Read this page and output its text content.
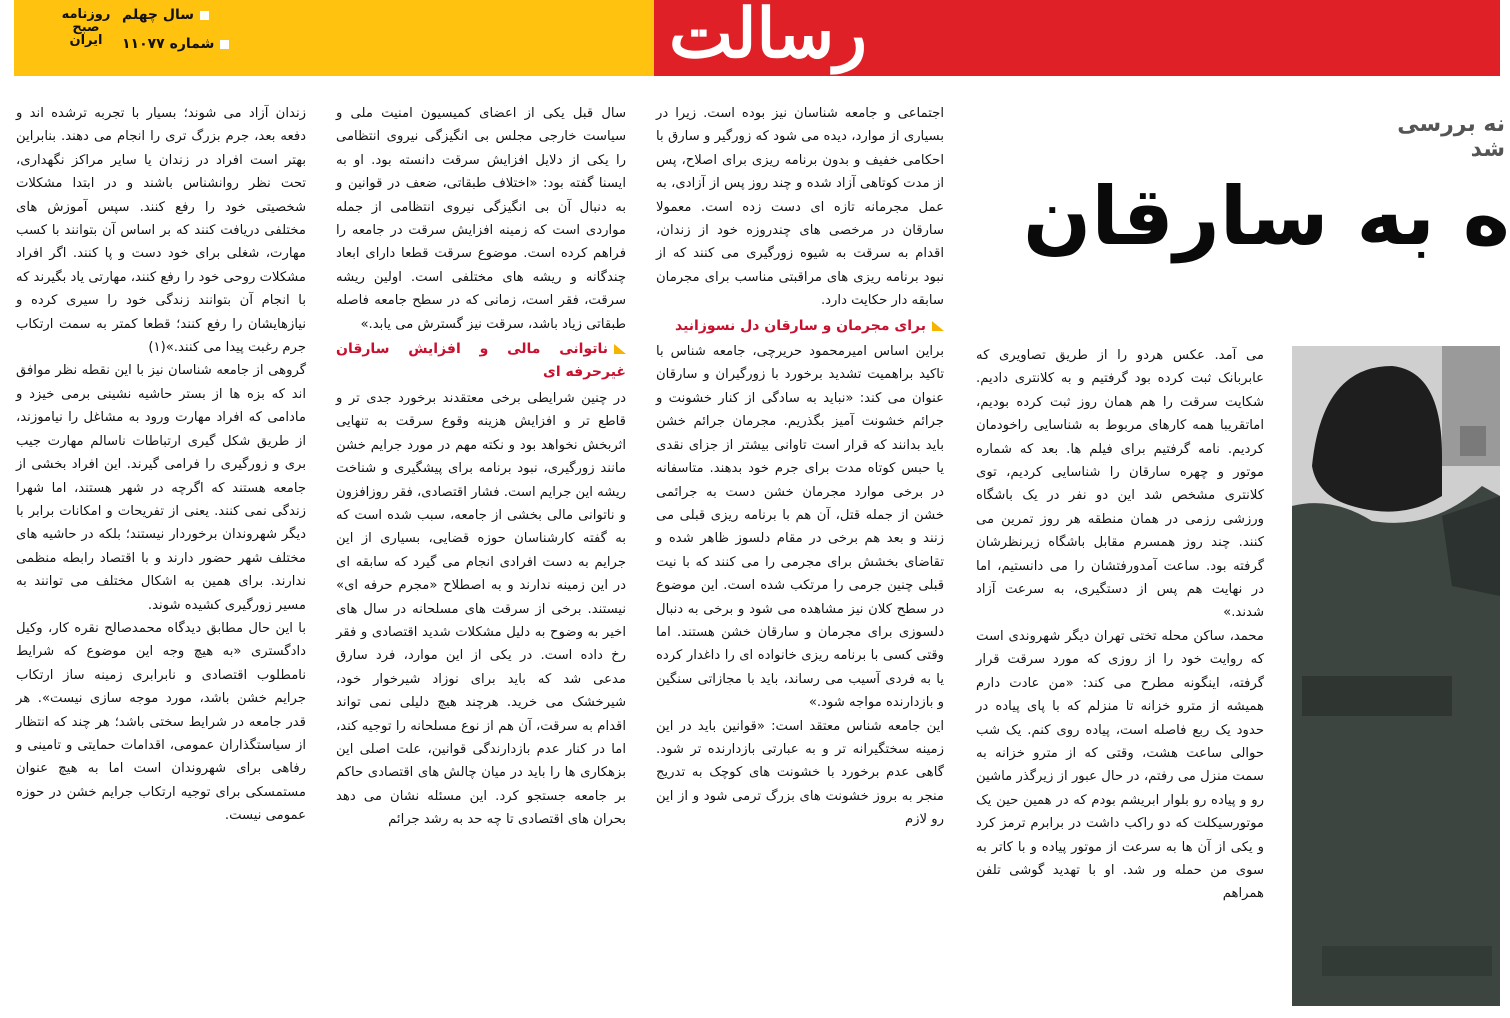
رسالت
روزنامه
صبح
ایران
سال چهلم
شماره ۱۱۰۷۷

زندان آزاد می شوند؛ بسیار با تجربه ترشده اند و دفعه بعد، جرم بزرگ تری را انجام می دهند. بنابراین بهتر است افراد در زندان یا سایر مراکز نگهداری، تحت نظر روانشناس باشند و در ابتدا مشکلات شخصیتی خود را رفع کنند. سپس آموزش های مختلفی دریافت کنند که بر اساس آن بتوانند با کسب مهارت، شغلی برای خود دست و پا کنند. اگر افراد مشکلات روحی خود را رفع کنند، مهارتی یاد بگیرند که با انجام آن بتوانند زندگی خود را سیری کرده و نیازهایشان را رفع کنند؛ قطعا کمتر به سمت ارتکاب جرم رغبت پیدا می کنند.»(۱)

گروهی از جامعه شناسان نیز با این نقطه نظر موافق اند که بزه ها از بستر حاشیه نشینی برمی خیزد و مادامی که افراد مهارت ورود به مشاغل را نیاموزند، از طریق شکل گیری ارتباطات ناسالم مهارت جیب بری و زورگیری را فرامی گیرند. این افراد بخشی از جامعه هستند که اگرچه در شهر هستند، اما شهرا زندگی نمی کنند. یعنی از تفریحات و امکانات برابر با دیگر شهروندان برخوردار نیستند؛ بلکه در حاشیه های مختلف شهر حضور دارند و با اقتصاد رابطه منظمی ندارند. برای همین به اشکال مختلف می توانند به مسیر زورگیری کشیده شوند.

با این حال مطابق دیدگاه محمدصالح نقره کار، وکیل دادگستری «به هیچ وجه این موضوع که شرایط نامطلوب اقتصادی و نابرابری زمینه ساز ارتکاب جرایم خشن باشد، مورد موجه سازی نیست». هر قدر جامعه در شرایط سختی باشد؛ هر چند که انتظار از سیاستگذاران عمومی، اقدامات حمایتی و تامینی و رفاهی برای شهروندان است اما به هیچ عنوان مستمسکی برای توجیه ارتکاب جرایم خشن در حوزه عمومی نیست.

سال قبل یکی از اعضای کمیسیون امنیت ملی و سیاست خارجی مجلس بی انگیزگی نیروی انتظامی را یکی از دلایل افزایش سرقت دانسته بود. او به ایسنا گفته بود: «اختلاف طبقاتی، ضعف در قوانین و به دنبال آن بی انگیزگی نیروی انتظامی از جمله مواردی است که زمینه افزایش سرقت در جامعه را فراهم کرده است. موضوع سرقت قطعا دارای ابعاد چندگانه و ریشه های مختلفی است. اولین ریشه سرقت، فقر است، زمانی که در سطح جامعه فاصله طبقاتی زیاد باشد، سرقت نیز گسترش می یابد.»

ناتوانی مالی و افزایش سارقان غیرحرفه ای

در چنین شرایطی برخی معتقدند برخورد جدی تر و قاطع تر و افزایش هزینه وقوع سرقت به تنهایی اثربخش نخواهد بود و نکته مهم در مورد جرایم خشن مانند زورگیری، نبود برنامه برای پیشگیری و شناخت ریشه این جرایم است. فشار اقتصادی، فقر روزافزون و ناتوانی مالی بخشی از جامعه، سبب شده است که به گفته کارشناسان حوزه قضایی، بسیاری از این جرایم به دست افرادی انجام می گیرد که سابقه ای در این زمینه ندارند و به اصطلاح «مجرم حرفه ای» نیستند. برخی از سرقت های مسلحانه در سال های اخیر به وضوح به دلیل مشکلات شدید اقتصادی و فقر رخ داده است. در یکی از این موارد، فرد سارق مدعی شد که باید برای نوزاد شیرخوار خود، شیرخشک می خرید. هرچند هیچ دلیلی نمی تواند اقدام به سرقت، آن هم از نوع مسلحانه را توجیه کند، اما در کنار عدم بازدارندگی قوانین، علت اصلی این بزهکاری ها را باید در میان چالش های اقتصادی حاکم بر جامعه جستجو کرد. این مسئله نشان می دهد بحران های اقتصادی تا چه حد به رشد جرائم

اجتماعی و جامعه شناسان نیز بوده است. زیرا در بسیاری از موارد، دیده می شود که زورگیر و سارق با احکامی خفیف و بدون برنامه ریزی برای اصلاح، پس از مدت کوتاهی آزاد شده و چند روز پس از آزادی، به عمل مجرمانه تازه ای دست زده است. معمولا سارقان در مرخصی های چندروزه خود از زندان، اقدام به سرقت به شیوه زورگیری می کنند که از نبود برنامه ریزی های مراقبتی مناسب برای مجرمان سابقه دار حکایت دارد.

برای مجرمان و سارقان دل نسوزانید

براین اساس امیرمحمود حریرچی، جامعه شناس با تاکید براهمیت تشدید برخورد با زورگیران و سارقان عنوان می کند: «نباید به سادگی از کنار خشونت و جرائم خشونت آمیز بگذریم. مجرمان جرائم خشن باید بدانند که قرار است تاوانی بیشتر از جزای نقدی یا حبس کوتاه مدت برای جرم خود بدهند. متاسفانه در برخی موارد مجرمان خشن دست به جرائمی خشن از جمله قتل، آن هم با برنامه ریزی قبلی می زنند و بعد هم برخی در مقام دلسوز ظاهر شده و تقاضای بخشش برای مجرمی را می کنند که با نیت قبلی چنین جرمی را مرتکب شده است. این موضوع در سطح کلان نیز مشاهده می شود و برخی به دنبال دلسوزی برای مجرمان و سارقان خشن هستند. اما وقتی کسی با برنامه ریزی خانواده ای را داغدار کرده یا به فردی آسیب می رساند، باید با مجازاتی سنگین و بازدارنده مواجه شود.»

این جامعه شناس معتقد است: «قوانین باید در این زمینه سختگیرانه تر و به عبارتی بازدارنده تر شود. گاهی عدم برخورد با خشونت های کوچک به تدریج منجر به بروز خشونت های بزرگ ترمی شود و از این رو لازم

نه بررسی شد
ه به سارقان

می آمد. عکس هردو را از طریق تصاویری که عابربانک ثبت کرده بود گرفتیم و به کلانتری دادیم. شکایت سرقت را هم همان روز ثبت کرده بودیم، اماتقریبا همه کارهای مربوط به شناسایی راخودمان کردیم. نامه گرفتیم برای فیلم ها. بعد که شماره موتور و چهره سارقان را شناسایی کردیم، توی کلانتری مشخص شد این دو نفر در یک باشگاه ورزشی رزمی در همان منطقه هر روز تمرین می کنند. چند روز همسرم مقابل باشگاه زیرنظرشان گرفته بود. ساعت آمدورفتشان را می دانستیم، اما در نهایت هم پس از دستگیری، به سرعت آزاد شدند.»

محمد، ساکن محله تختی تهران دیگر شهروندی است که روایت خود را از روزی که مورد سرقت قرار گرفته، اینگونه مطرح می کند: «من عادت دارم همیشه از مترو خزانه تا منزلم که با پای پیاده در حدود یک ربع فاصله است، پیاده روی کنم. یک شب حوالی ساعت هشت، وقتی که از مترو خزانه به سمت منزل می رفتم، در حال عبور از زیرگذر ماشین رو و پیاده رو بلوار ابریشم بودم که در همین حین یک موتورسیکلت که دو راکب داشت در برابرم ترمز کرد و یکی از آن ها به سرعت از موتور پیاده و با کاتر به سوی من حمله ور شد. او با تهدید گوشی تلفن همراهم
